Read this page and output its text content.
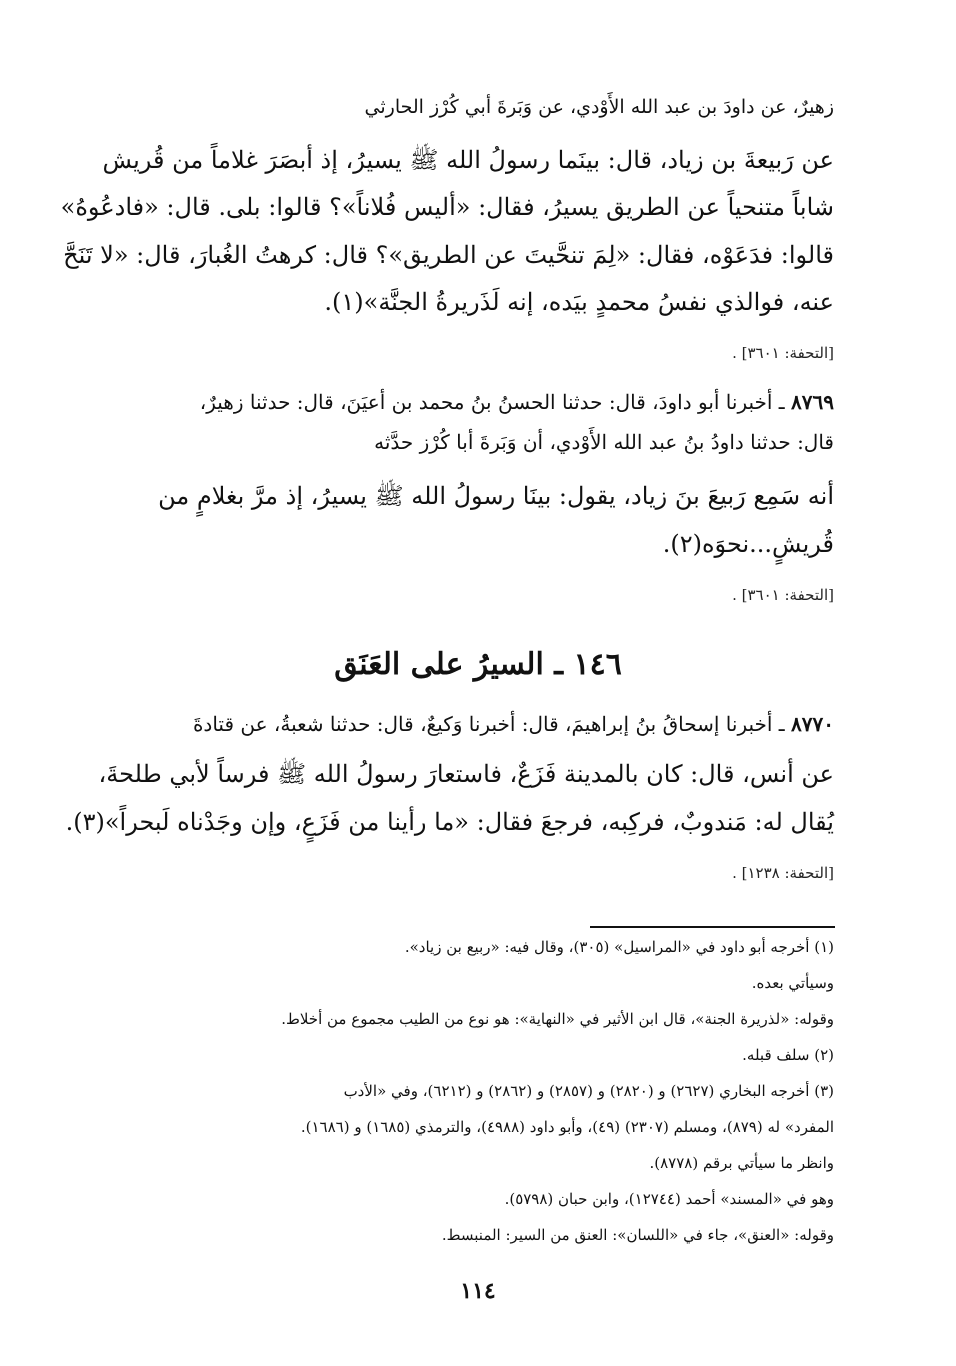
زهيرٌ، عن داودَ بن عبد الله الأَوْدي، عن وَبَرةَ أبي كُرْز الحارثي

عن رَبيعةَ بن زياد، قال: بينَما رسولُ الله ﷺ يسيرُ، إذ أبصَرَ غلاماً من قُريش

شاباً متنحياً عن الطريق يسيرُ، فقال: «أليس فُلاناً»؟ قالوا: بلى. قال: «فادعُوهُ»

قالوا: فدَعَوْه، فقال: «لِمَ تنحَّيتَ عن الطريق»؟ قال: كرهتُ الغُبارَ، قال: «لا تَنَحَّ

عنه، فوالذي نفسُ محمدٍ بيَده، إنه لَذَريرةُ الجنَّة»(١).

[التحفة: ٣٦٠١] .

٨٧٦٩ ـ أخبرنا أبو داودَ، قال: حدثنا الحسنُ بنُ محمد بن أعيَنَ، قال: حدثنا زهيرٌ،

قال: حدثنا داودُ بنُ عبد الله الأَوْدي، أن وَبَرةَ أبا كُرْز حدَّثه

أنه سَمِع رَبيعَ بنَ زياد، يقول: بينَا رسولُ الله ﷺ يسيرُ، إذ مرَّ بغلامٍ من

قُريشٍ...نحوَه(٢).

[التحفة: ٣٦٠١] .

١٤٦ ـ السيرُ على العَنَق

٨٧٧٠ ـ أخبرنا إسحاقُ بنُ إبراهيمَ، قال: أخبرنا وَكيعٌ، قال: حدثنا شعبةُ، عن قتادةَ

عن أنس، قال: كان بالمدينة فَزَعٌ، فاستعارَ رسولُ الله ﷺ فرساً لأبي طلحةَ،

يُقال له: مَندوبٌ، فركِبه، فرجعَ فقال: «ما رأينا من فَزَعٍ، وإن وجَدْناه لَبحراً»(٣).

[التحفة: ١٢٣٨] .

(١) أخرجه أبو داود في «المراسيل» (٣٠٥)، وقال فيه: «ربيع بن زياد».

وسيأتي بعده.

وقوله: «لذريرة الجنة»، قال ابن الأثير في «النهاية»: هو نوع من الطيب مجموع من أخلاط.

(٢) سلف قبله.

(٣) أخرجه البخاري (٢٦٢٧) و (٢٨٢٠) و (٢٨٥٧) و (٢٨٦٢) و (٦٢١٢)، وفي «الأدب

المفرد» له (٨٧٩)، ومسلم (٢٣٠٧) (٤٩)، وأبو داود (٤٩٨٨)، والترمذي (١٦٨٥) و (١٦٨٦).

وانظر ما سيأتي برقم (٨٧٧٨).

وهو في «المسند» أحمد (١٢٧٤٤)، وابن حبان (٥٧٩٨).

وقوله: «العنق»، جاء في «اللسان»: العنق من السير: المنبسط.

١١٤
